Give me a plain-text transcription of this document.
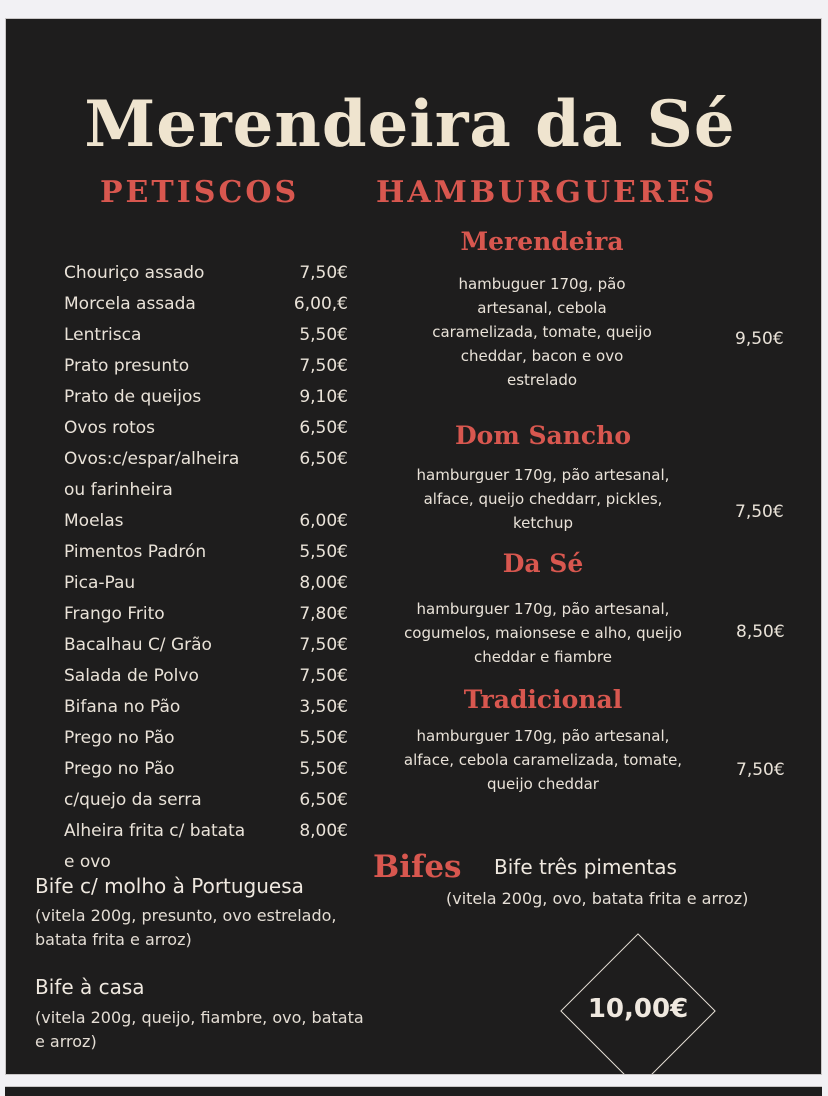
Merendeira da Sé
PETISCOS	HAMBURGUERES
Chouriço assado	7,50€
Morcela assada	6,00,€
Lentrisca	5,50€
Prato presunto	7,50€
Prato de queijos	9,10€
Ovos rotos	6,50€
Ovos:c/espar/alheira	6,50€
ou farinheira
Moelas	6,00€
Pimentos Padrón	5,50€
Pica-Pau	8,00€
Frango Frito	7,80€
Bacalhau C/ Grão	7,50€
Salada de Polvo	7,50€
Bifana no Pão	3,50€
Prego no Pão	5,50€
Prego no Pão	5,50€
c/quejo da serra	6,50€
Alheira frita c/ batata	8,00€
e ovo
Merendeira
hambuguer 170g, pão
artesanal, cebola
caramelizada, tomate, queijo
cheddar, bacon e ovo
estrelado
9,50€
Dom Sancho
hamburguer 170g, pão artesanal,
alface, queijo cheddarr, pickles,
ketchup
7,50€
Da Sé
hamburguer 170g, pão artesanal,
cogumelos, maionsese e alho, queijo
cheddar e fiambre
8,50€
Tradicional
hamburguer 170g, pão artesanal,
alface, cebola caramelizada, tomate,
queijo cheddar
7,50€
Bifes
Bife c/ molho à Portuguesa
(vitela 200g, presunto, ovo estrelado,
batata frita e arroz)
Bife à casa
(vitela 200g, queijo, fiambre, ovo, batata
e arroz)
Bife três pimentas
(vitela 200g, ovo, batata frita e arroz)
10,00€
